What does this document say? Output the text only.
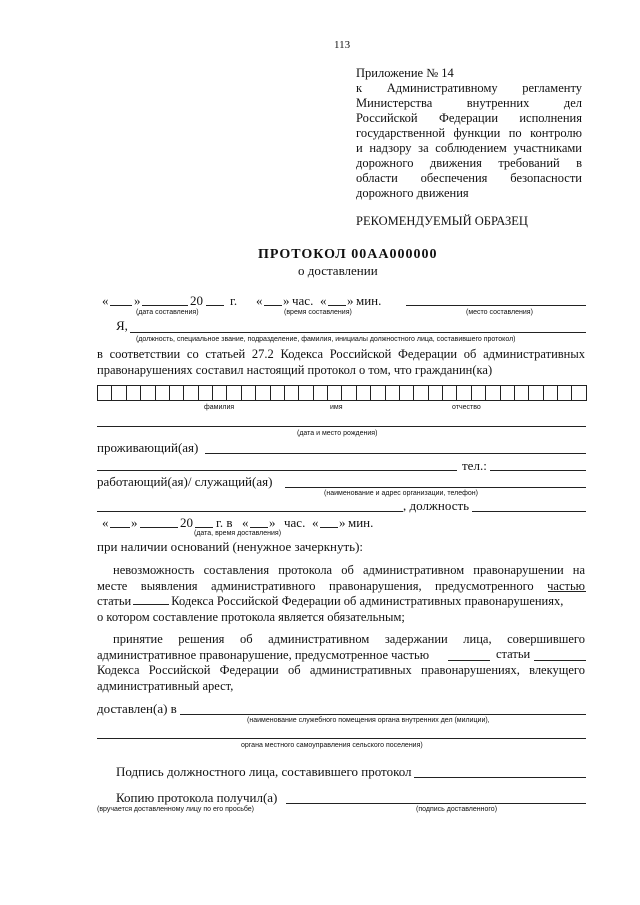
113
Приложение № 14
к Административному регламенту
Министерства внутренних дел
Российской Федерации исполнения
государственной функции по контролю
и надзору за соблюдением участниками
дорожного движения требований в
области обеспечения безопасности
дорожного движения
РЕКОМЕНДУЕМЫЙ ОБРАЗЕЦ
ПРОТОКОЛ 00АА000000
о доставлении
« »	20 г. « » час. « » мин.
(дата составления)	(время составления)	(место составления)
Я,
(должность, специальное звание, подразделение, фамилия, инициалы должностного лица, составившего протокол)
в соответствии со статьей 27.2 Кодекса Российской Федерации об административных
правонарушениях составил настоящий протокол о том, что гражданин(ка)
фамилия	имя	отчество
(дата и место рождения)
проживающий(ая)
тел.:
работающий(ая)/ служащий(ая)
(наименование и адрес организации, телефон)
, должность
« »	20 г. в « » час. « » мин.
(дата, время доставления)
при наличии оснований (ненужное зачеркнуть):
невозможность составления протокола об административном правонарушении на
месте выявления административного правонарушения, предусмотренного частью
статьи	Кодекса Российской Федерации об административных правонарушениях,
о котором составление протокола является обязательным;
принятие решения об административном задержании лица, совершившего
административное правонарушение, предусмотренное частью
Кодекса Российской Федерации об административных правонарушениях, влекущего
административный арест,
статьи
доставлен(а) в
(наименование служебного помещения органа внутренних дел (милиции),
органа местного самоуправления сельского поселения)
Подпись должностного лица, составившего протокол
Копию протокола получил(а)
(вручается доставленному лицу по его просьбе)	(подпись доставленного)
